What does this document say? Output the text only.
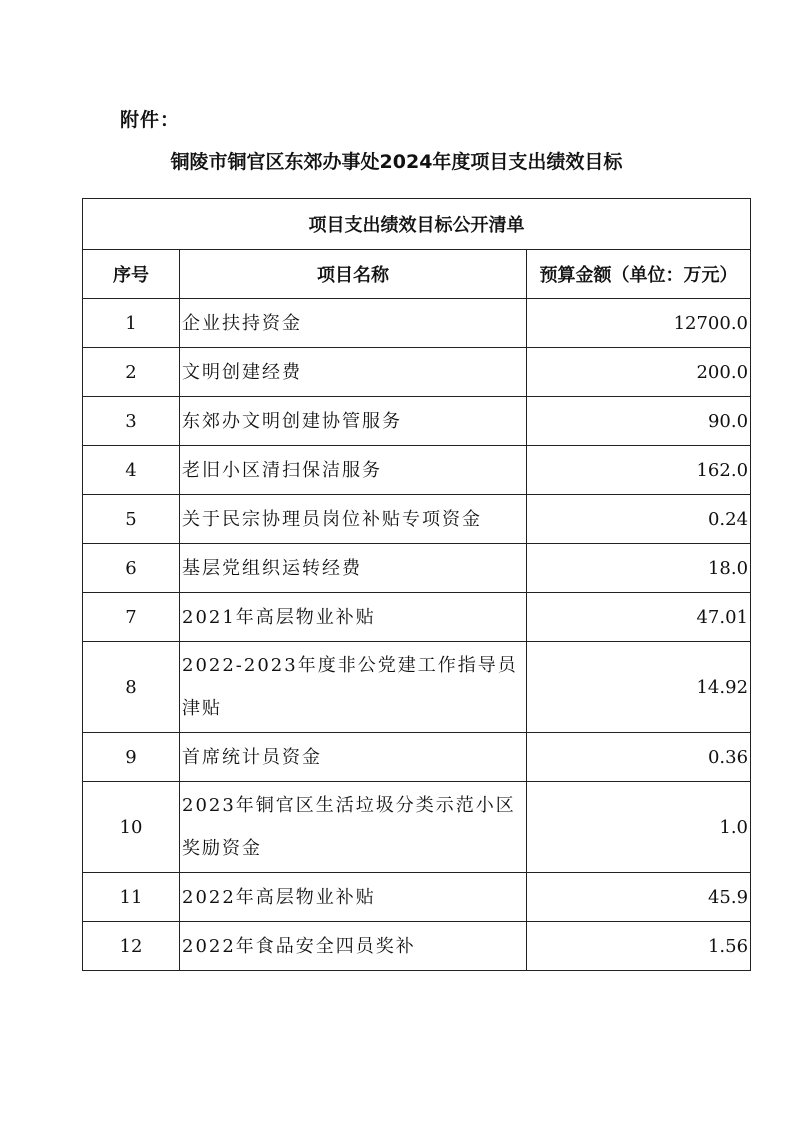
附件：
铜陵市铜官区东郊办事处2024年度项目支出绩效目标
项目支出绩效目标公开清单		
序号	项目名称	预算金额（单位：万元）
1	企业扶持资金	12700.0
2	文明创建经费	200.0
3	东郊办文明创建协管服务	90.0
4	老旧小区清扫保洁服务	162.0
5	关于民宗协理员岗位补贴专项资金	0.24
6	基层党组织运转经费	18.0
7	2021年高层物业补贴	47.01
8	2022-2023年度非公党建工作指导员津贴	14.92
9	首席统计员资金	0.36
10	2023年铜官区生活垃圾分类示范小区奖励资金	1.0
11	2022年高层物业补贴	45.9
12	2022年食品安全四员奖补	1.56
